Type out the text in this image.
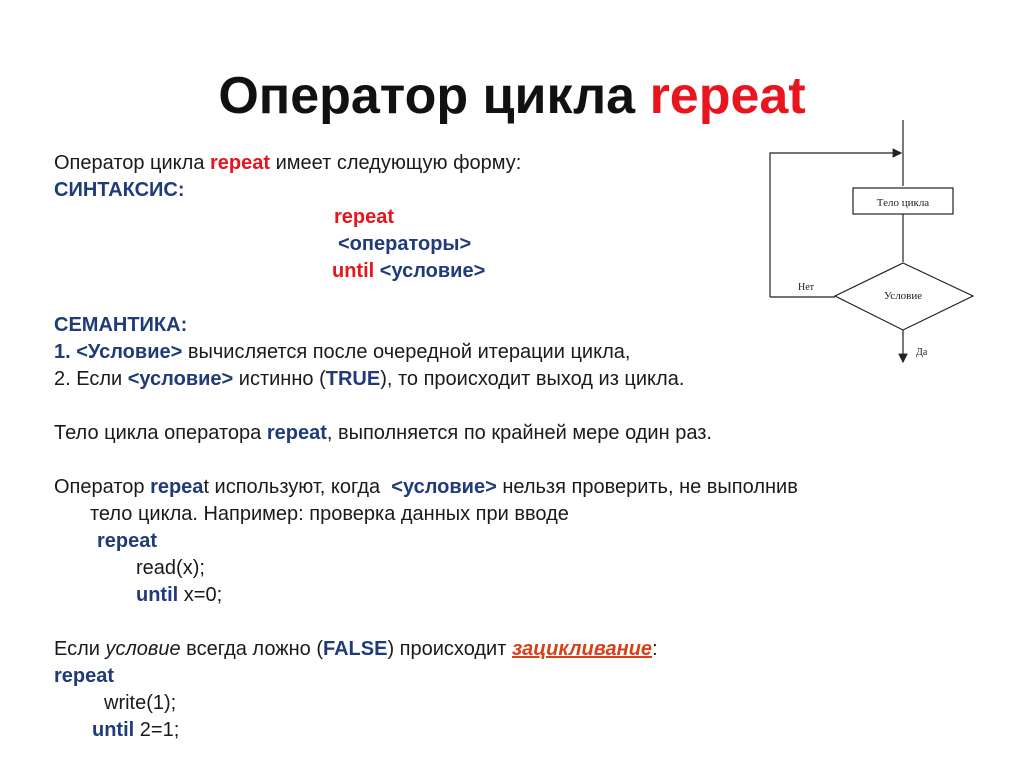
Оператор цикла repeat
Оператор цикла repeat имеет следующую форму:
СИНТАКСИС:
repeat
<операторы>
until <условие>
СЕМАНТИКА:
1. <Условие> вычисляется после очередной итерации цикла,
2. Если <условие> истинно (TRUE), то происходит выход из цикла.
Тело цикла оператора repeat, выполняется по крайней мере один раз.
Оператор repeat используют, когда  <условие> нельзя проверить, не выполнив
тело цикла. Например: проверка данных при вводе
repeat
read(x);
until x=0;
Если условие всегда ложно (FALSE) происходит зацикливание:
repeat
write(1);
until 2=1;
Тело цикла
Условие
Нет
Да
